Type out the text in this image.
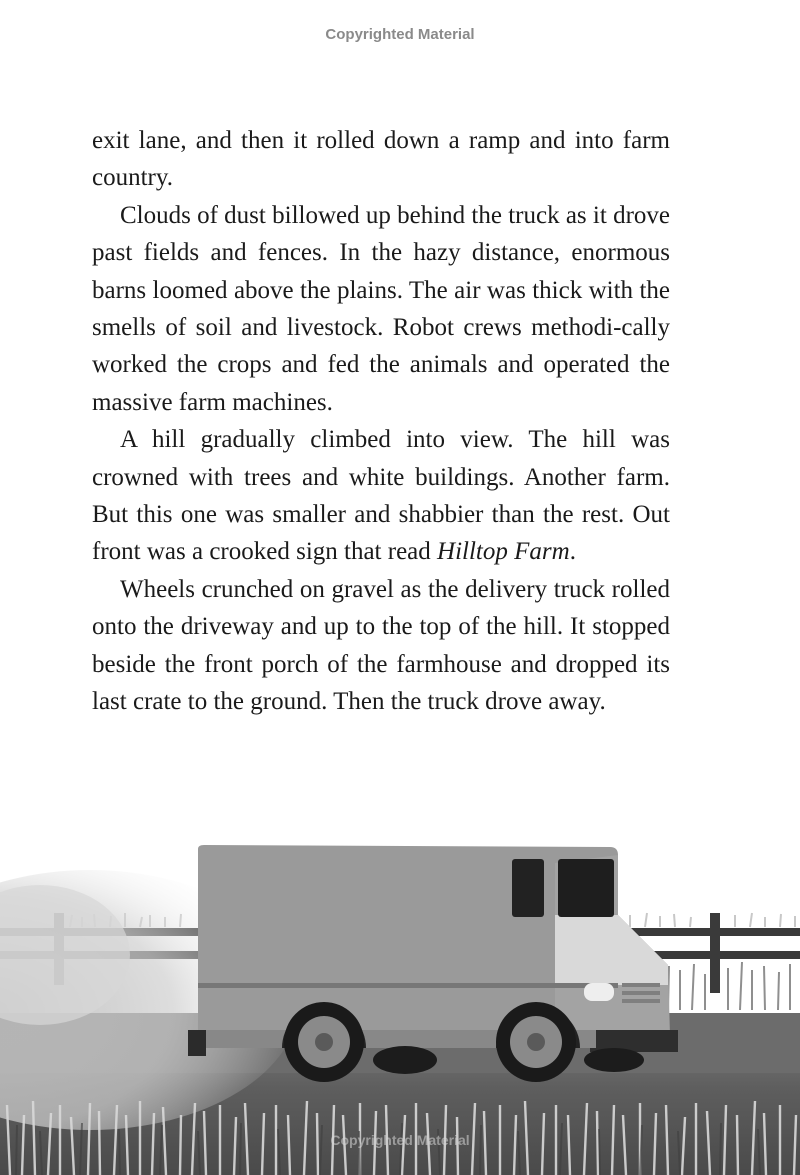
Copyrighted Material

exit lane, and then it rolled down a ramp and into farm country.

Clouds of dust billowed up behind the truck as it drove past fields and fences. In the hazy distance, enormous barns loomed above the plains. The air was thick with the smells of soil and livestock. Robot crews methodi-cally worked the crops and fed the animals and operated the massive farm machines.

A hill gradually climbed into view. The hill was crowned with trees and white buildings. Another farm. But this one was smaller and shabbier than the rest. Out front was a crooked sign that read Hilltop Farm.

Wheels crunched on gravel as the delivery truck rolled onto the driveway and up to the top of the hill. It stopped beside the front porch of the farmhouse and dropped its last crate to the ground. Then the truck drove away.

Copyrighted Material
